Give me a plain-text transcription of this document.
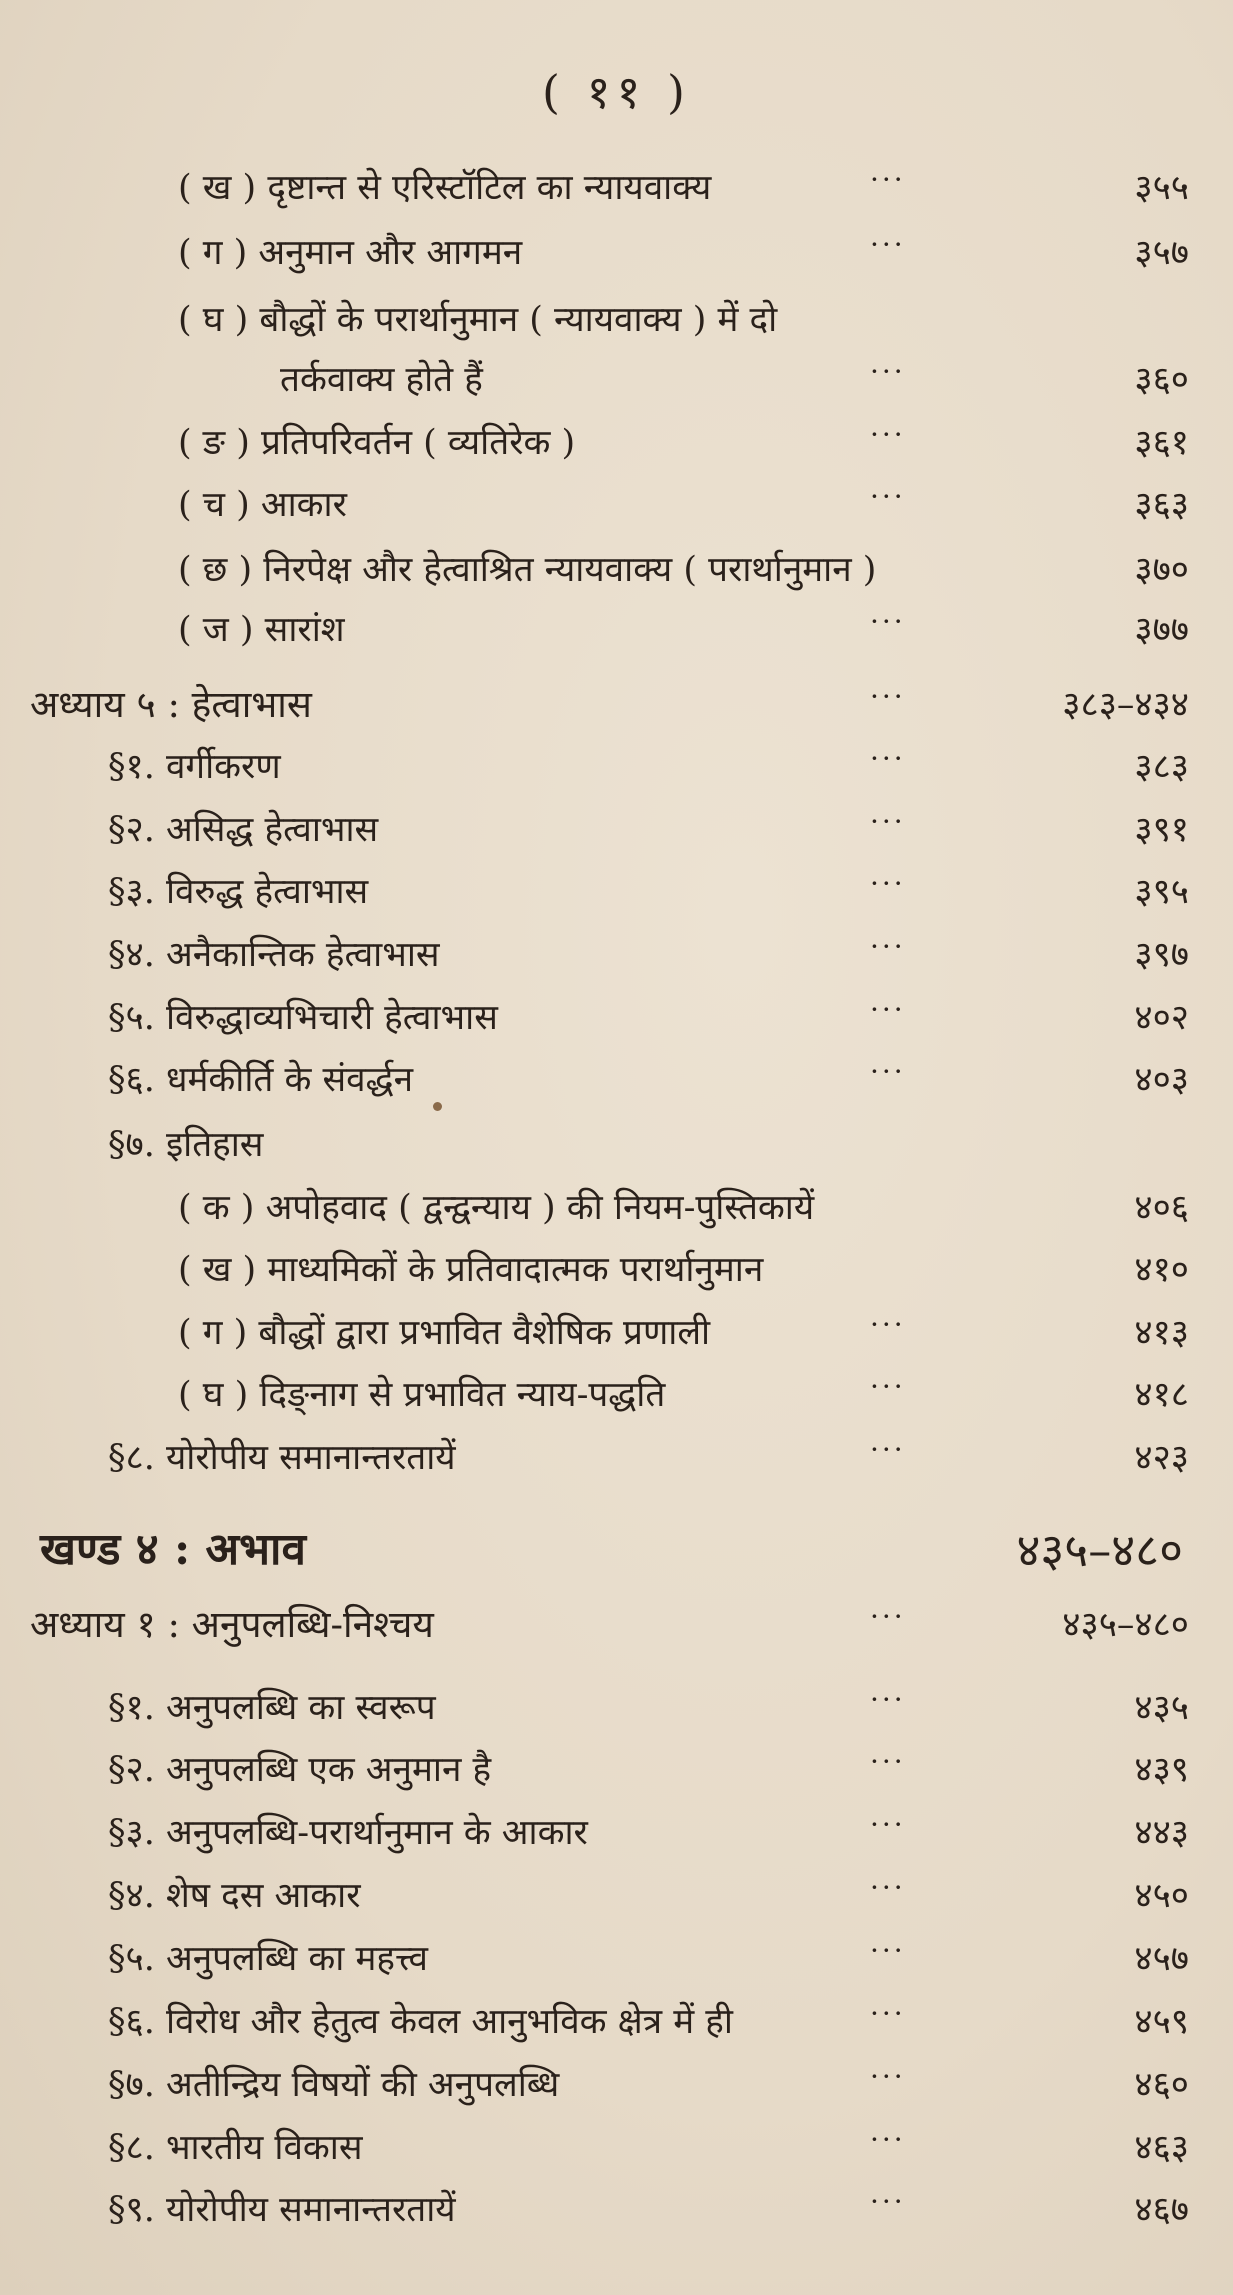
( ११ )
( ख ) दृष्टान्त से एरिस्टॉटिल का न्यायवाक्य	···	३५५
( ग ) अनुमान और आगमन	···	३५७
( घ ) बौद्धों के परार्थानुमान ( न्यायवाक्य ) में दो
तर्कवाक्य होते हैं	···	३६०
( ङ ) प्रतिपरिवर्तन ( व्यतिरेक )	···	३६१
( च ) आकार	···	३६३
( छ ) निरपेक्ष और हेत्वाश्रित न्यायवाक्य ( परार्थानुमान )	३७०
( ज ) सारांश	···	३७७
अध्याय ५ : हेत्वाभास	···	३८३–४३४
§१. वर्गीकरण	···	३८३
§२. असिद्ध हेत्वाभास	···	३९१
§३. विरुद्ध हेत्वाभास	···	३९५
§४. अनैकान्तिक हेत्वाभास	···	३९७
§५. विरुद्धाव्यभिचारी हेत्वाभास	···	४०२
§६. धर्मकीर्ति के संवर्द्धन	···	४०३
§७. इतिहास
( क ) अपोहवाद ( द्वन्द्वन्याय ) की नियम-पुस्तिकायें	४०६
( ख ) माध्यमिकों के प्रतिवादात्मक परार्थानुमान	४१०
( ग ) बौद्धों द्वारा प्रभावित वैशेषिक प्रणाली	···	४१३
( घ ) दिङ्नाग से प्रभावित न्याय-पद्धति	···	४१८
§८. योरोपीय समानान्तरतायें	···	४२३
खण्ड ४ : अभाव	४३५–४८०
अध्याय १ : अनुपलब्धि-निश्चय	···	४३५–४८०
§१. अनुपलब्धि का स्वरूप	···	४३५
§२. अनुपलब्धि एक अनुमान है	···	४३९
§३. अनुपलब्धि-परार्थानुमान के आकार	···	४४३
§४. शेष दस आकार	···	४५०
§५. अनुपलब्धि का महत्त्व	···	४५७
§६. विरोध और हेतुत्व केवल आनुभविक क्षेत्र में ही	···	४५९
§७. अतीन्द्रिय विषयों की अनुपलब्धि	···	४६०
§८. भारतीय विकास	···	४६३
§९. योरोपीय समानान्तरतायें	···	४६७
